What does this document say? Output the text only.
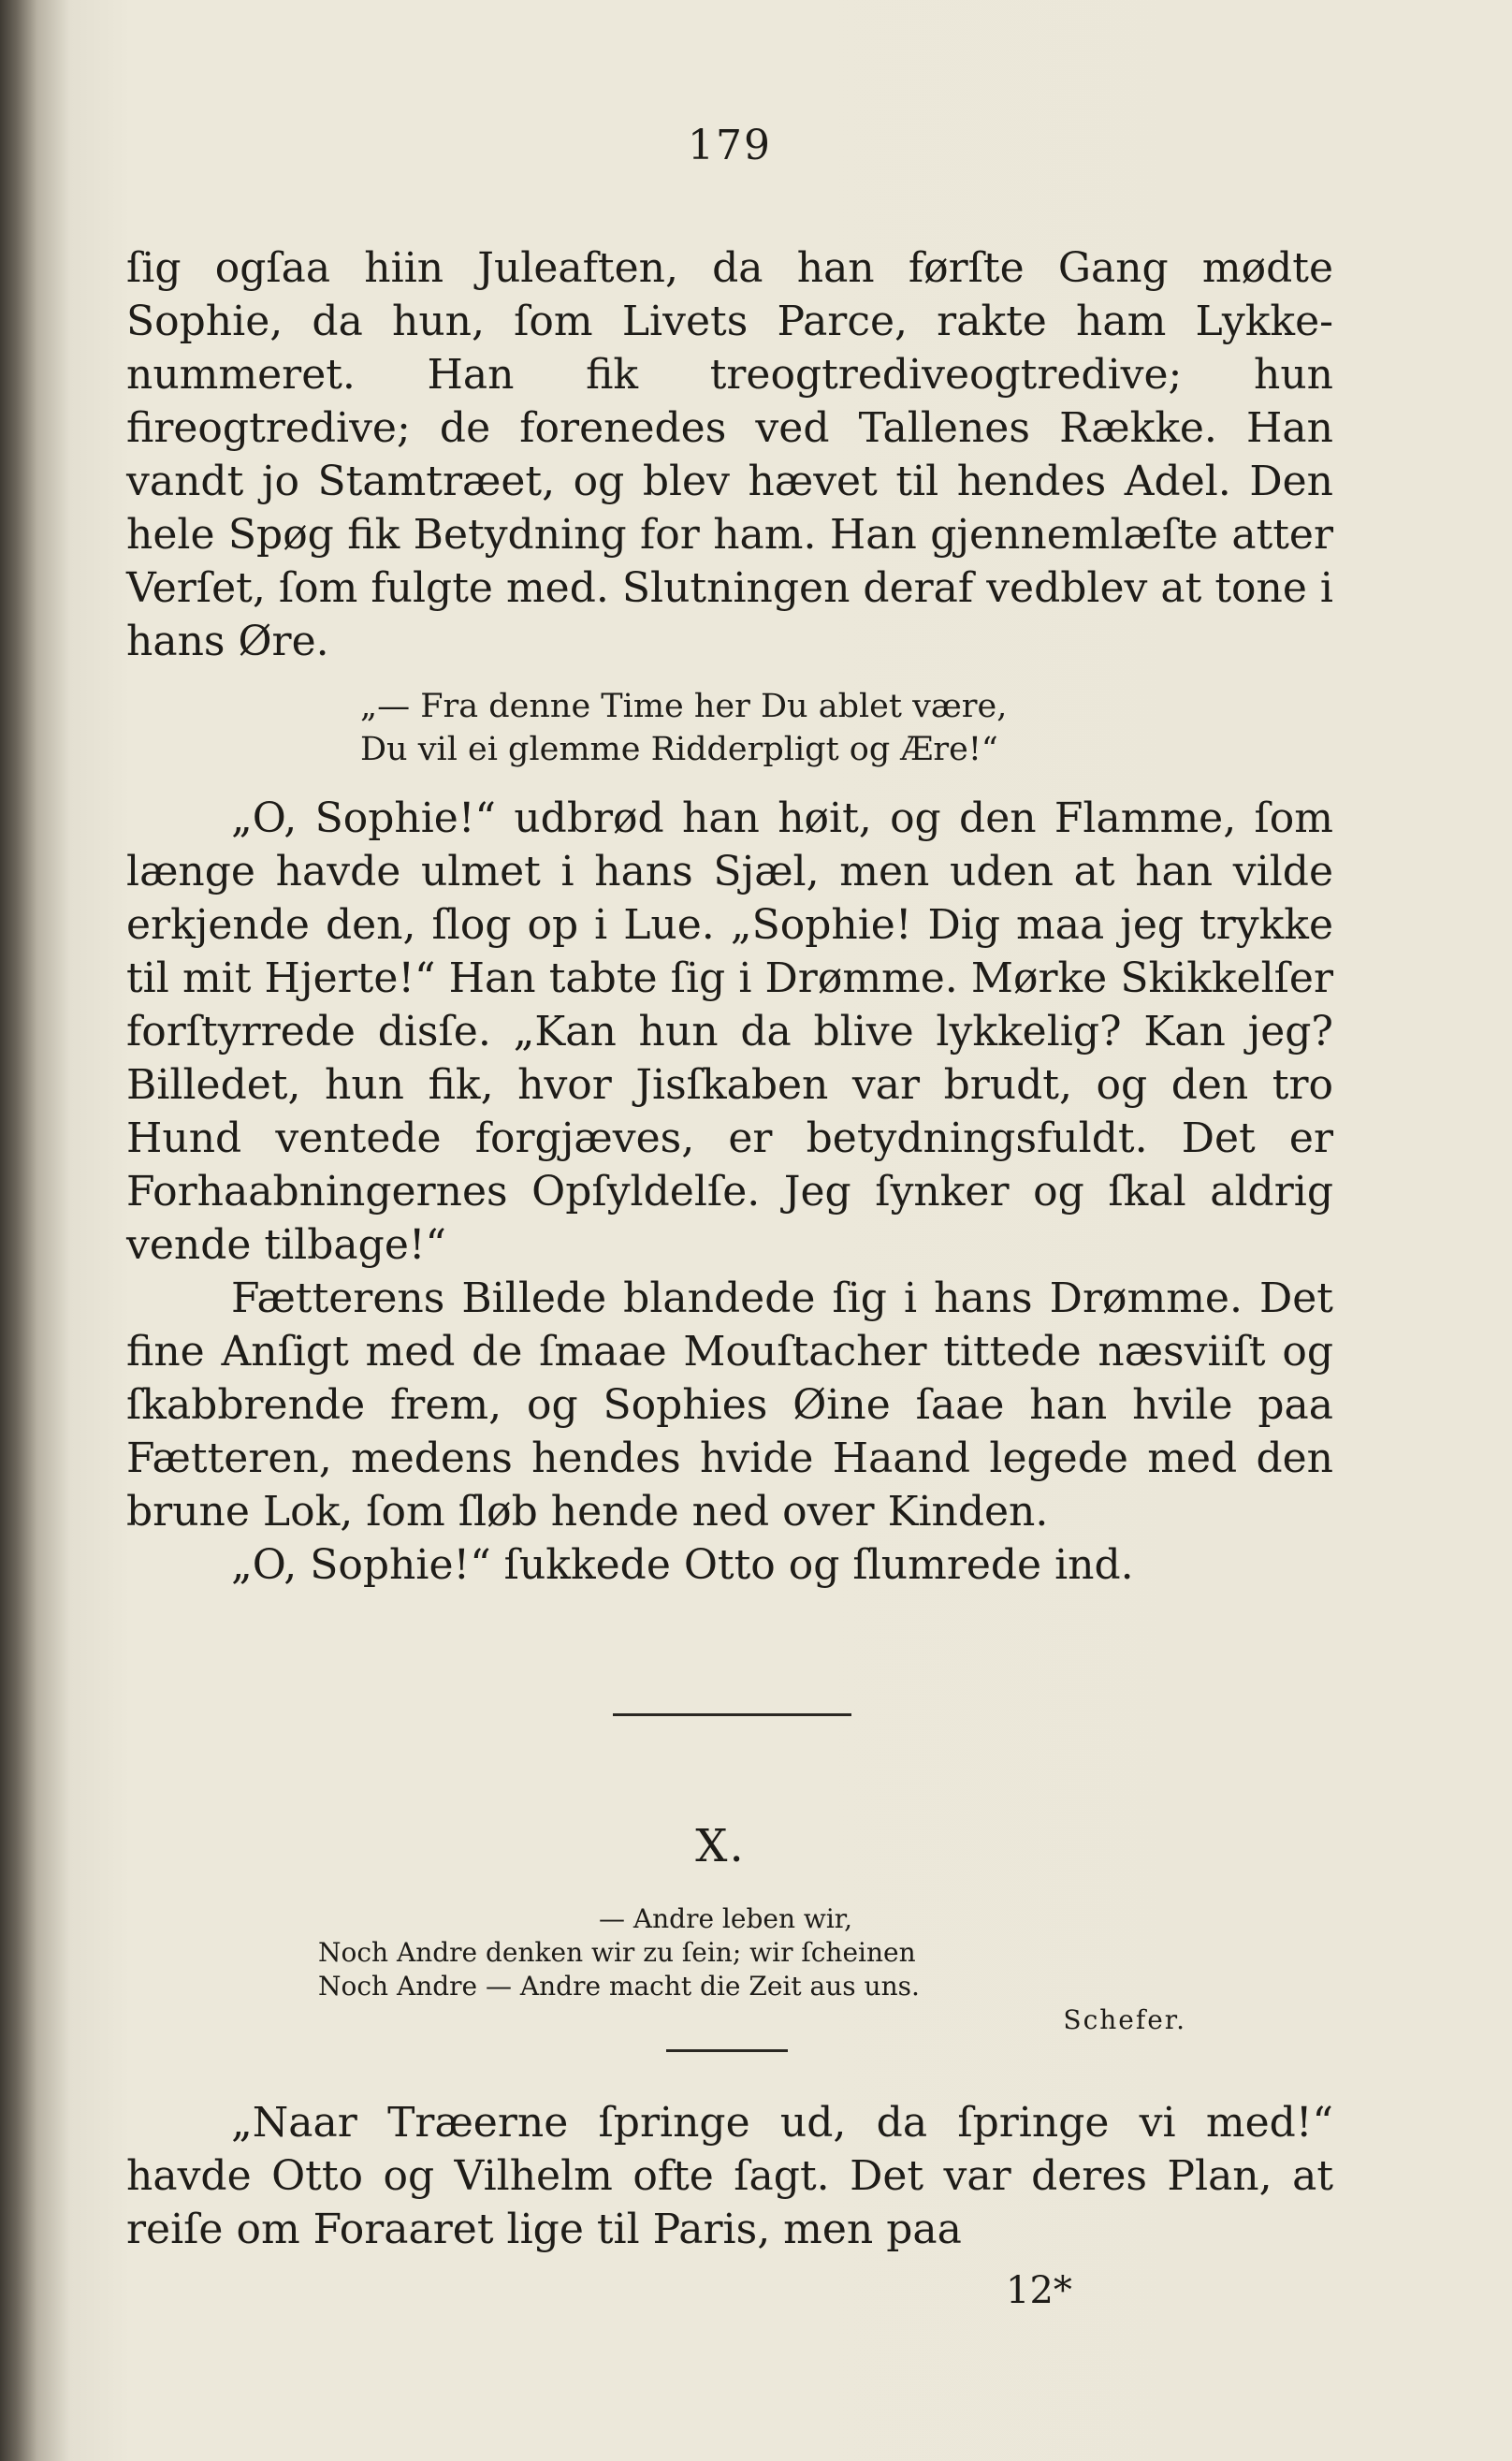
179

ſig ogſaa hiin Juleaften, da han førſte Gang mødte Sophie, da hun, ſom Livets Parce, rakte ham Lykke-nummeret. Han fik treogtrediveogtredive; hun fireogtredive; de forenedes ved Tallenes Række. Han vandt jo Stamtræet, og blev hævet til hendes Adel. Den hele Spøg fik Betydning for ham. Han gjennemlæſte atter Verſet, ſom fulgte med. Slutningen deraf vedblev at tone i hans Øre.

„— Fra denne Time her Du ablet være,
Du vil ei glemme Ridderpligt og Ære!“

„O, Sophie!“ udbrød han høit, og den Flamme, ſom længe havde ulmet i hans Sjæl, men uden at han vilde erkjende den, ſlog op i Lue. „Sophie! Dig maa jeg trykke til mit Hjerte!“ Han tabte ſig i Drømme. Mørke Skikkelſer forſtyrrede disſe. „Kan hun da blive lykkelig? Kan jeg? Billedet, hun fik, hvor Jisſkaben var brudt, og den tro Hund ventede forgjæves, er betydningsfuldt. Det er Forhaabningernes Opſyldelſe. Jeg ſynker og ſkal aldrig vende tilbage!“

Fætterens Billede blandede ſig i hans Drømme. Det fine Anſigt med de ſmaae Mouſtacher tittede næsviiſt og ſkabbrende frem, og Sophies Øine ſaae han hvile paa Fætteren, medens hendes hvide Haand legede med den brune Lok, ſom ſløb hende ned over Kinden.

„O, Sophie!“ ſukkede Otto og ſlumrede ind.

X.
— Andre leben wir,
Noch Andre denken wir zu ſein; wir ſcheinen
Noch Andre — Andre macht die Zeit aus uns.
Schefer.

„Naar Træerne ſpringe ud, da ſpringe vi med!“ havde Otto og Vilhelm ofte ſagt. Det var deres Plan, at reiſe om Foraaret lige til Paris, men paa

12*
